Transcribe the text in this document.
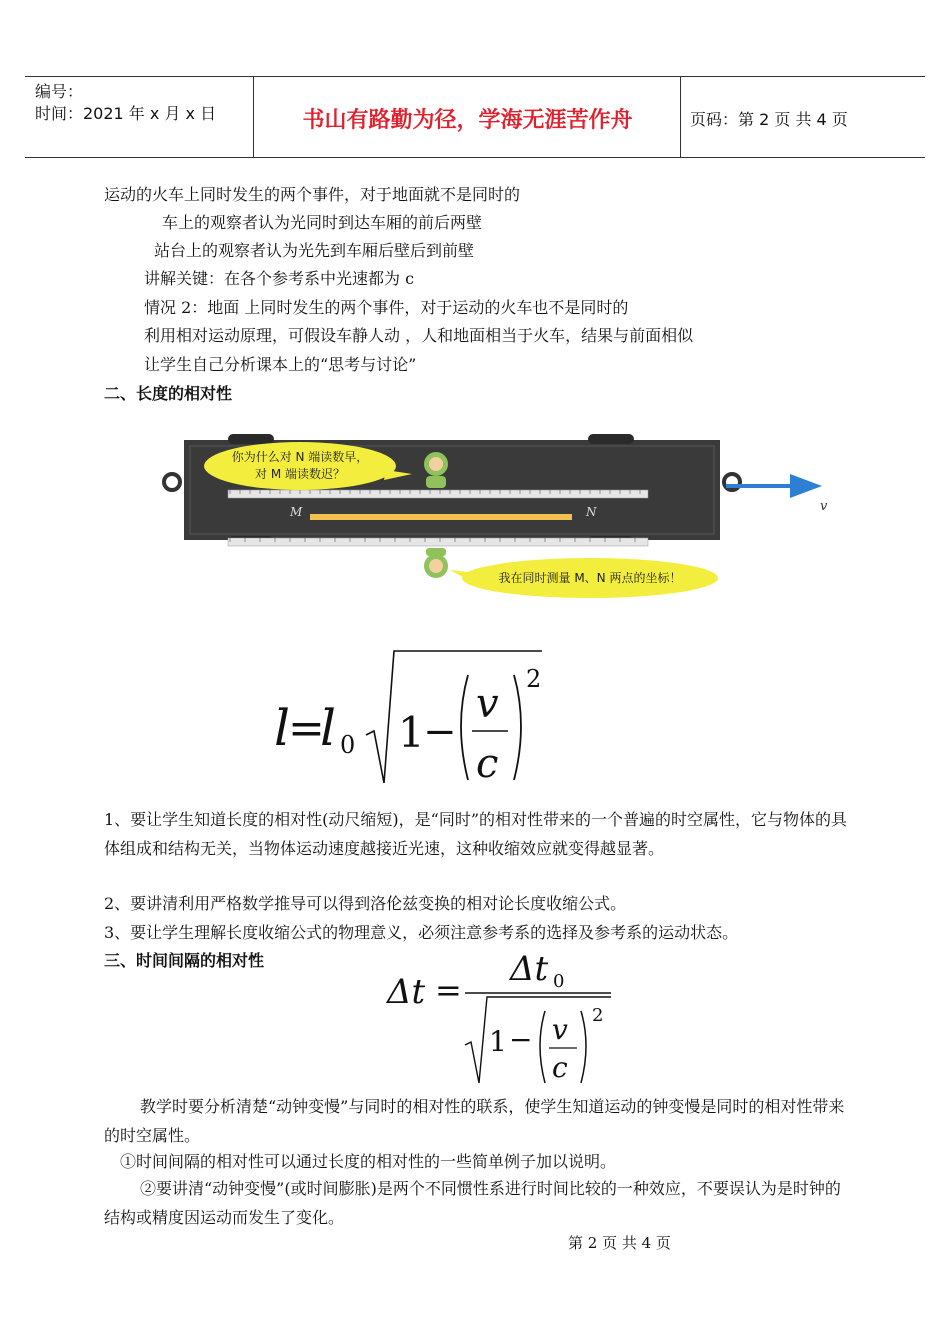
编号：
时间：2021 年 x 月 x 日	书山有路勤为径，学海无涯苦作舟	页码：第 2 页 共 4 页
运动的火车上同时发生的两个事件，对于地面就不是同时的
车上的观察者认为光同时到达车厢的前后两壁
站台上的观察者认为光先到车厢后壁后到前壁
讲解关键：在各个参考系中光速都为 c
情况 2：地面 上同时发生的两个事件，对于运动的火车也不是同时的
利用相对运动原理，可假设车静人动 ，人和地面相当于火车，结果与前面相似
让学生自己分析课本上的“思考与讨论”
二、长度的相对性
M	N
你为什么对 N 端读数早，
对 M 端读数迟？
我在同时测量 M、N 两点的坐标！
v
l
=
l 0 1
−
v
c
2
1、要让学生知道长度的相对性(动尺缩短)，是“同时”的相对性带来的一个普遍的时空属性，它与物体的具体组成和结构无关，当物体运动速度越接近光速，这种收缩效应就变得越显著。
2、要讲清利用严格数学推导可以得到洛伦兹变换的相对论长度收缩公式。
3、要让学生理解长度收缩公式的物理意义，必须注意参考系的选择及参考系的运动状态。
三、时间间隔的相对性
Δt =
Δt 0
1 − v
c
2
教学时要分析清楚“动钟变慢”与同时的相对性的联系，使学生知道运动的钟变慢是同时的相对性带来的时空属性。
①时间间隔的相对性可以通过长度的相对性的一些简单例子加以说明。
②要讲清“动钟变慢”(或时间膨胀)是两个不同惯性系进行时间比较的一种效应，不要误认为是时钟的结构或精度因运动而发生了变化。
第 2 页 共 4 页
